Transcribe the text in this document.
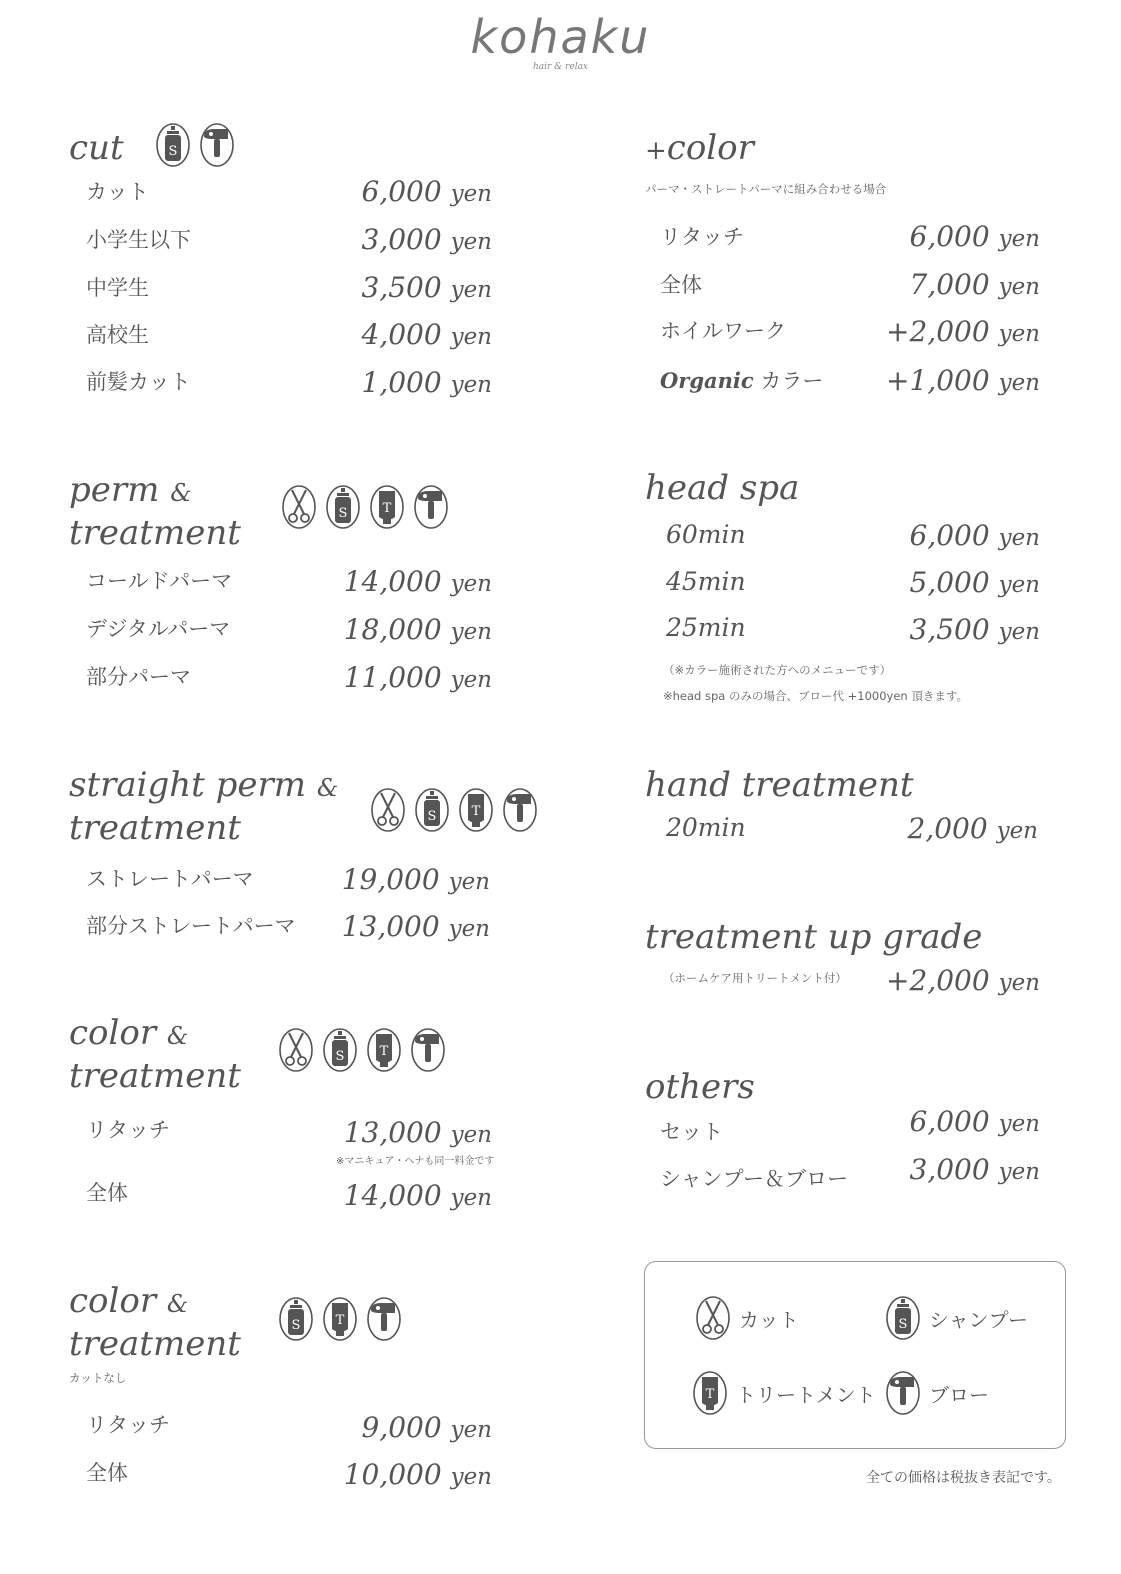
kohaku
hair & relax
cut
カット	6,000 yen
小学生以下	3,000 yen
中学生	3,500 yen
高校生	4,000 yen
前髪カット	1,000 yen
perm &
treatment
コールドパーマ	14,000 yen
デジタルパーマ	18,000 yen
部分パーマ	11,000 yen
straight perm &
treatment
ストレートパーマ	19,000 yen
部分ストレートパーマ	13,000 yen
color &
treatment
リタッチ	13,000 yen
※マニキュア・ヘナも同一料金です
全体	14,000 yen
color &
treatment
カットなし
リタッチ	9,000 yen
全体	10,000 yen
+color
パーマ・ストレートパーマに組み合わせる場合
リタッチ	6,000 yen
全体	7,000 yen
ホイルワーク	+2,000 yen
Organic カラー	+1,000 yen
head spa
60min	6,000 yen
45min	5,000 yen
25min	3,500 yen
（※カラー施術された方へのメニューです）
※head spa のみの場合、ブロー代 +1000yen 頂きます。
hand treatment
20min	2,000 yen
treatment up grade
（ホームケア用トリートメント付）	+2,000 yen
others
セット	6,000 yen
シャンプー＆ブロー	3,000 yen
カット	シャンプー
トリートメント	ブロー
全ての価格は税抜き表記です。
